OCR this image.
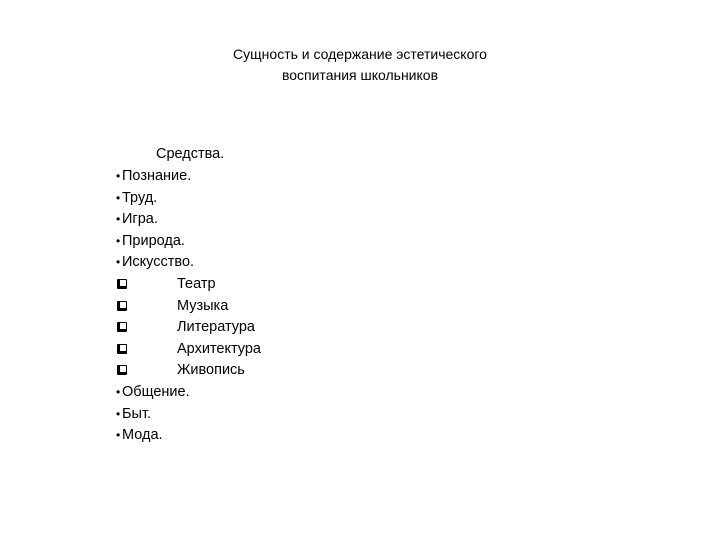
Сущность и содержание эстетического
воспитания школьников
Средства.
• Познание.
• Труд.
• Игра.
• Природа.
• Искусство.
Театр
Музыка
Литература
Архитектура
Живопись
• Общение.
• Быт.
• Мода.
